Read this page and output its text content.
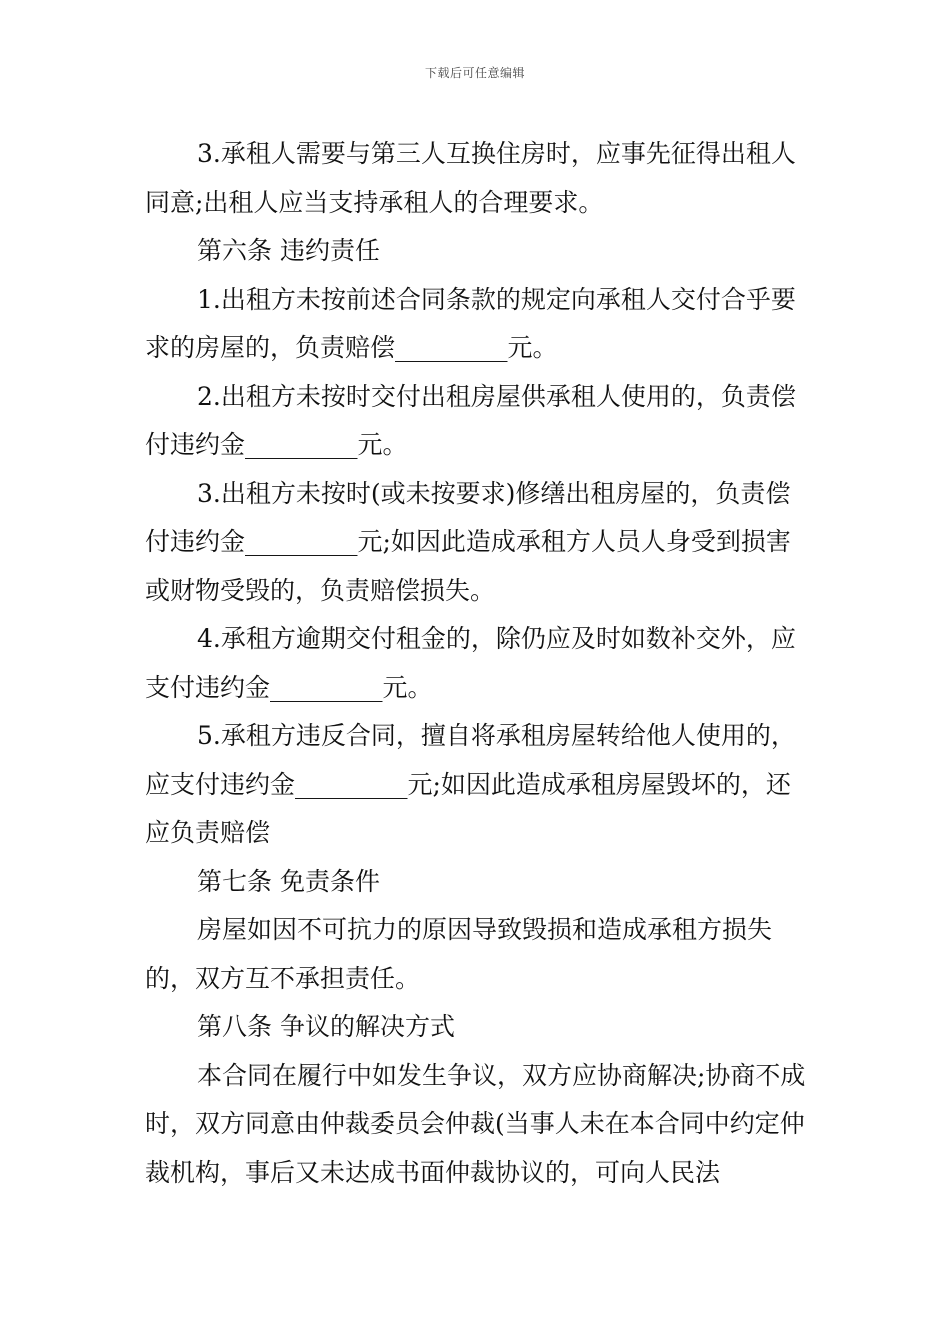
下载后可任意编辑

3.承租人需要与第三人互换住房时，应事先征得出租人同意;出租人应当支持承租人的合理要求。

第六条 违约责任

1.出租方未按前述合同条款的规定向承租人交付合乎要求的房屋的，负责赔偿_________元。

2.出租方未按时交付出租房屋供承租人使用的，负责偿付违约金_________元。

3.出租方未按时(或未按要求)修缮出租房屋的，负责偿付违约金_________元;如因此造成承租方人员人身受到损害或财物受毁的，负责赔偿损失。

4.承租方逾期交付租金的，除仍应及时如数补交外，应支付违约金_________元。

5.承租方违反合同，擅自将承租房屋转给他人使用的，应支付违约金_________元;如因此造成承租房屋毁坏的，还应负责赔偿

第七条 免责条件

房屋如因不可抗力的原因导致毁损和造成承租方损失的，双方互不承担责任。

第八条 争议的解决方式

本合同在履行中如发生争议，双方应协商解决;协商不成时，双方同意由仲裁委员会仲裁(当事人未在本合同中约定仲裁机构，事后又未达成书面仲裁协议的，可向人民法
